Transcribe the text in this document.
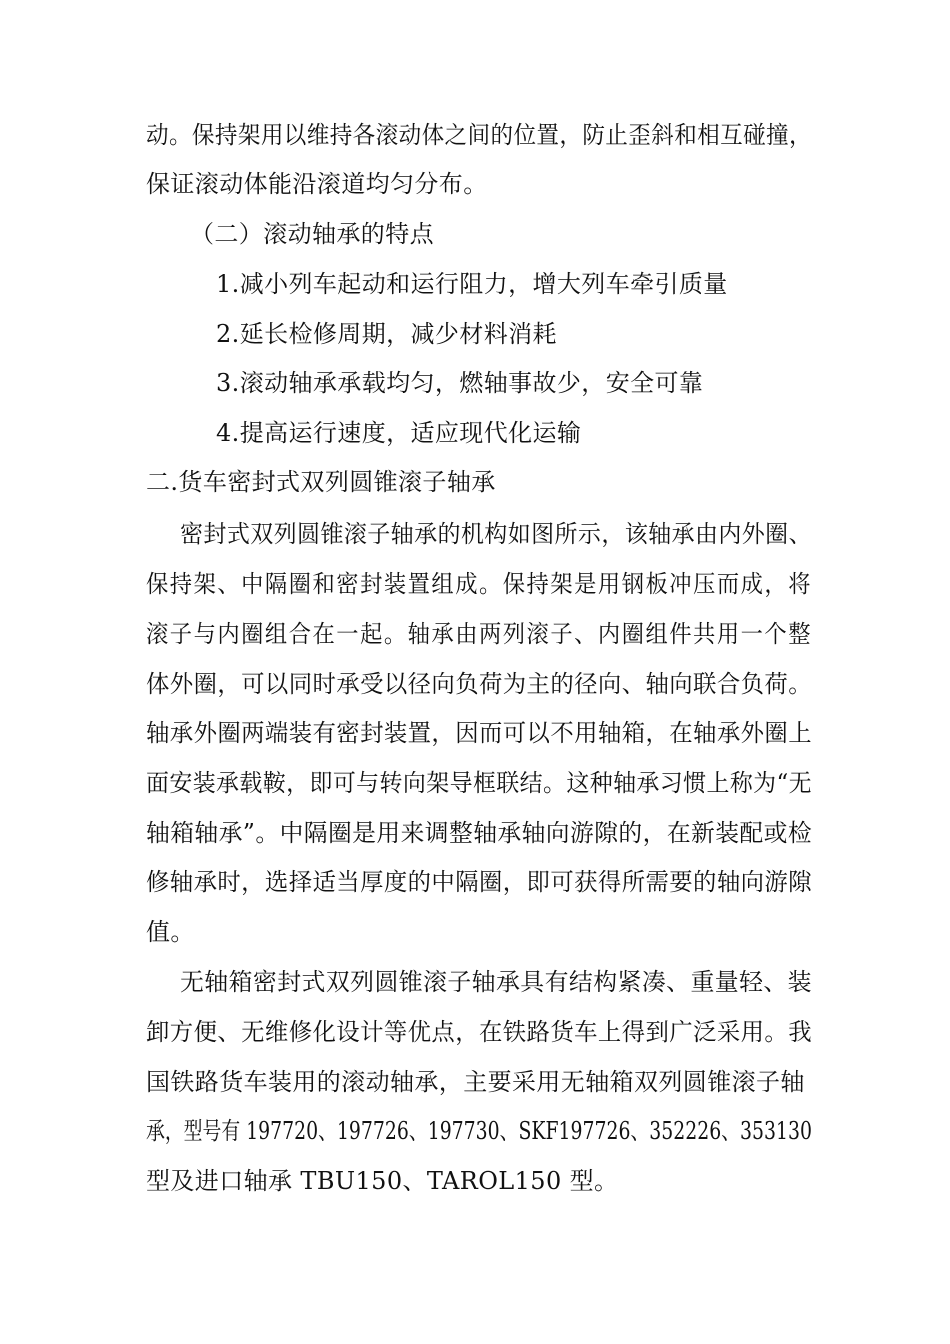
动。保持架用以维持各滚动体之间的位置，防止歪斜和相互碰撞，
保证滚动体能沿滚道均匀分布。
（二）滚动轴承的特点
1.减小列车起动和运行阻力，增大列车牵引质量
2.延长检修周期，减少材料消耗
3.滚动轴承承载均匀，燃轴事故少，安全可靠
4.提高运行速度，适应现代化运输
二.货车密封式双列圆锥滚子轴承
密封式双列圆锥滚子轴承的机构如图所示，该轴承由内外圈、
保持架、中隔圈和密封装置组成。保持架是用钢板冲压而成，将
滚子与内圈组合在一起。轴承由两列滚子、内圈组件共用一个整
体外圈，可以同时承受以径向负荷为主的径向、轴向联合负荷。
轴承外圈两端装有密封装置，因而可以不用轴箱，在轴承外圈上
面安装承载鞍，即可与转向架导框联结。这种轴承习惯上称为“无
轴箱轴承”。中隔圈是用来调整轴承轴向游隙的，在新装配或检
修轴承时，选择适当厚度的中隔圈，即可获得所需要的轴向游隙
值。
无轴箱密封式双列圆锥滚子轴承具有结构紧凑、重量轻、装
卸方便、无维修化设计等优点，在铁路货车上得到广泛采用。我
国铁路货车装用的滚动轴承，主要采用无轴箱双列圆锥滚子轴
承，型号有 197720、197726、197730、SKF197726、352226、353130
型及进口轴承 TBU150、TAROL150 型。
